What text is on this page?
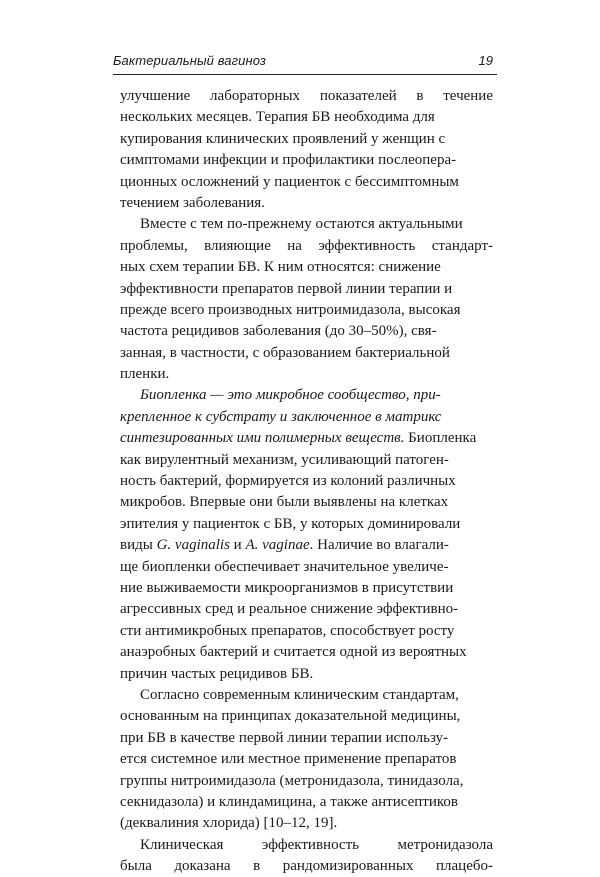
Бактериальный вагиноз	19
улучшение лабораторных показателей в течение
нескольких месяцев. Терапия БВ необходима для
купирования клинических проявлений у женщин с
симптомами инфекции и профилактики послеопера-
ционных осложнений у пациенток с бессимптомным
течением заболевания.
Вместе с тем по-прежнему остаются актуальными
проблемы, влияющие на эффективность стандарт-
ных схем терапии БВ. К ним относятся: снижение
эффективности препаратов первой линии терапии и
прежде всего производных нитроимидазола, высокая
частота рецидивов заболевания (до 30–50%), свя-
занная, в частности, с образованием бактериальной
пленки.
Биопленка — это микробное сообщество, при-
крепленное к субстрату и заключенное в матрикс
синтезированных ими полимерных веществ. Биопленка
как вирулентный механизм, усиливающий патоген-
ность бактерий, формируется из колоний различных
микробов. Впервые они были выявлены на клетках
эпителия у пациенток с БВ, у которых доминировали
виды G. vaginalis и A. vaginae . Наличие во влагали-
ще биопленки обеспечивает значительное увеличе-
ние выживаемости микроорганизмов в присутствии
агрессивных сред и реальное снижение эффективно-
сти антимикробных препаратов, способствует росту
анаэробных бактерий и считается одной из вероятных
причин частых рецидивов БВ.
Согласно современным клиническим стандартам,
основанным на принципах доказательной медицины,
при БВ в качестве первой линии терапии использу-
ется системное или местное применение препаратов
группы нитроимидазола (метронидазола, тинидазола,
секнидазола) и клиндамицина, а также антисептиков
(деквалиния хлорида) [10–12, 19].
Клиническая	эффективность	метронидазола
была доказана в рандомизированных плацебо-
